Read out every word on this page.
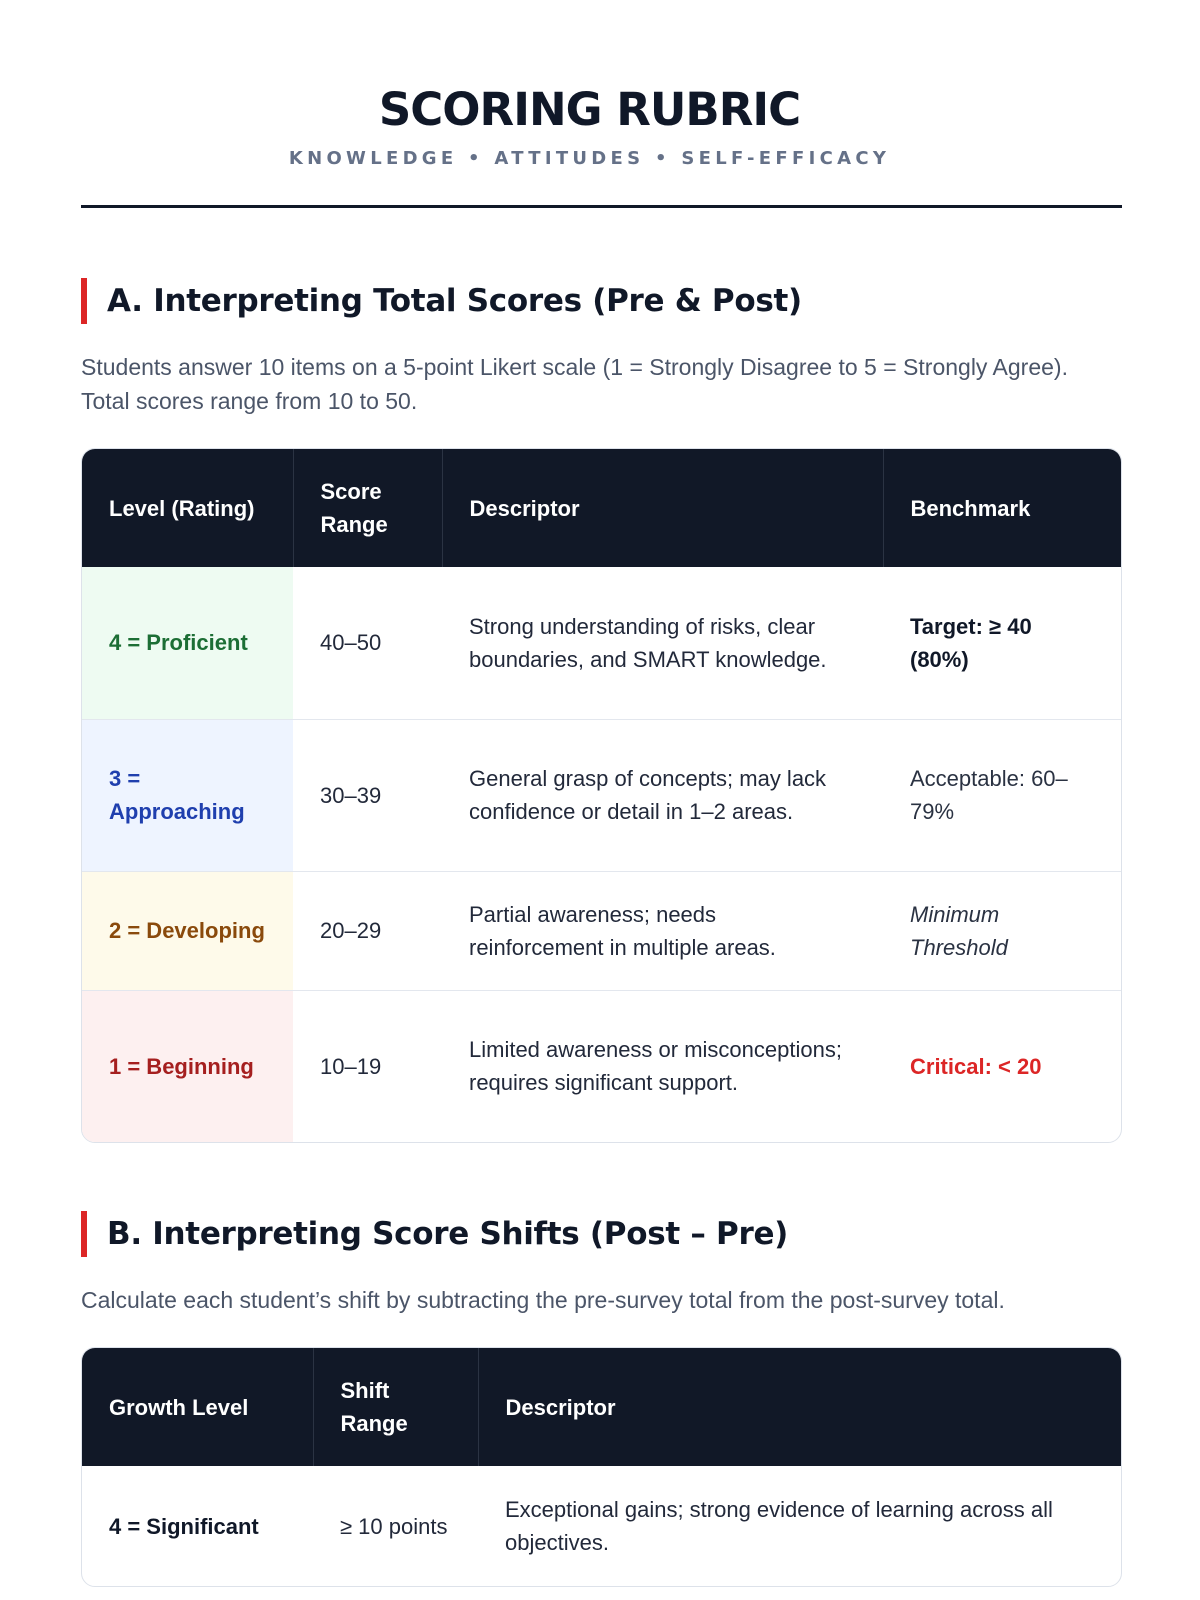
SCORING RUBRIC
KNOWLEDGE • ATTITUDES • SELF-EFFICACY
A. Interpreting Total Scores (Pre & Post)

Students answer 10 items on a 5-point Likert scale (1 = Strongly Disagree to 5 = Strongly Agree). Total scores range from 10 to 50.

Level (Rating)	Score Range	Descriptor	Benchmark
4 = Proficient	40–50	Strong understanding of risks, clear boundaries, and SMART knowledge.	Target: ≥ 40 (80%)
3 = Approaching	30–39	General grasp of concepts; may lack confidence or detail in 1–2 areas.	Acceptable: 60–79%
2 = Developing	20–29	Partial awareness; needs reinforcement in multiple areas.	Minimum Threshold
1 = Beginning	10–19	Limited awareness or misconceptions; requires significant support.	Critical: < 20
B. Interpreting Score Shifts (Post – Pre)

Calculate each student’s shift by subtracting the pre-survey total from the post-survey total.

Growth Level	Shift Range	Descriptor
4 = Significant	≥ 10 points	Exceptional gains; strong evidence of learning across all objectives.
